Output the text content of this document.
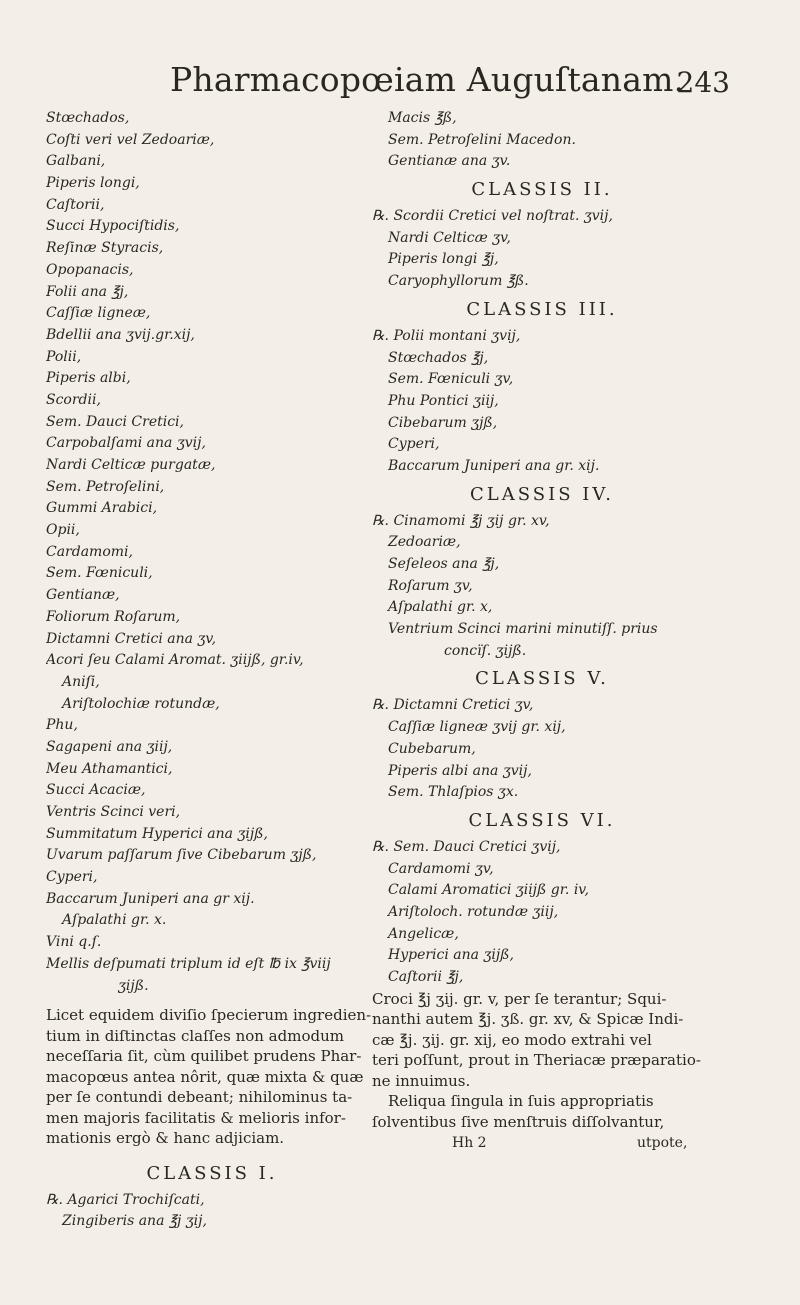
Pharmacopœiam Auguſtanam.
243
Stœchados,
Coſti veri vel Zedoariæ,
Galbani,
Piperis longi,
Caſtorii,
Succi Hypociſtidis,
Reſinæ Styracis,
Opopanacis,
Folii ana ℥j,
Caſſiæ ligneæ,
Bdellii ana ʒvij.gr.xij,
Polii,
Piperis albi,
Scordii,
Sem. Dauci Cretici,
Carpobalſami ana ʒvij,
Nardi Celticæ purgatæ,
Sem. Petroſelini,
Gummi Arabici,
Opii,
Cardamomi,
Sem. Fœniculi,
Gentianæ,
Foliorum Roſarum,
Dictamni Cretici ana ʒv,
Acori ſeu Calami Aromat. ʒiijß, gr.iv,
Aniſi,
Ariſtolochiæ rotundæ,
Phu,
Sagapeni ana ʒiij,
Meu Athamantici,
Succi Acaciæ,
Ventris Scinci veri,
Summitatum Hyperici ana ʒijß,
Uvarum paſſarum ſive Cibebarum ʒjß,
Cyperi,
Baccarum Juniperi ana gr xij.
Aſpalathi gr. x.
Vini q.ſ.
Mellis deſpumati triplum id eſt ℔ ix ℥viij
ʒijß.
Licet equidem diviſio ſpecierum ingredien-
tium in diſtinctas claſſes non admodum
neceſſaria ſit, cùm quilibet prudens Phar-
macopœus antea nôrit, quæ mixta & quæ
per ſe contundi debeant; nihilominus ta-
men majoris facilitatis & melioris infor-
mationis ergò & hanc adjiciam.
CLASSIS I.
℞. Agarici Trochiſcati,
Zingiberis ana ℥j ʒij,
Macis ℥ß,
Sem. Petroſelini Macedon.
Gentianæ ana ʒv.
CLASSIS II.
℞. Scordii Cretici vel noſtrat. ʒvij,
Nardi Celticæ ʒv,
Piperis longi ℥j,
Caryophyllorum ℥ß.
CLASSIS III.
℞. Polii montani ʒvij,
Stœchados ℥j,
Sem. Fœniculi ʒv,
Phu Pontici ʒiij,
Cibebarum ʒjß,
Cyperi,
Baccarum Juniperi ana gr. xij.
CLASSIS IV.
℞. Cinamomi ℥j ʒij gr. xv,
Zedoariæ,
Seſeleos ana ℥j,
Roſarum ʒv,
Aſpalathi gr. x,
Ventrium Scinci marini minutiſſ. prius
concïſ. ʒijß.
CLASSIS V.
℞. Dictamni Cretici ʒv,
Caſſiæ ligneæ ʒvij gr. xij,
Cubebarum,
Piperis albi ana ʒvij,
Sem. Thlaſpios ʒx.
CLASSIS VI.
℞. Sem. Dauci Cretici ʒvij,
Cardamomi ʒv,
Calami Aromatici ʒiijß gr. iv,
Ariſtoloch. rotundæ ʒiij,
Angelicæ,
Hyperici ana ʒijß,
Caſtorii ℥j,
Croci ℥j ʒij. gr. v, per ſe terantur; Squi-
nanthi autem ℥j. ʒß. gr. xv, & Spicæ Indi-
cæ ℥j. ʒij. gr. xij, eo modo extrahi vel
teri poſſunt, prout in Theriacæ præparatio-
ne innuimus.
Reliqua ſingula in ſuis appropriatis
ſolventibus ſive menſtruis diſſolvantur,
Hh 2	utpote,
